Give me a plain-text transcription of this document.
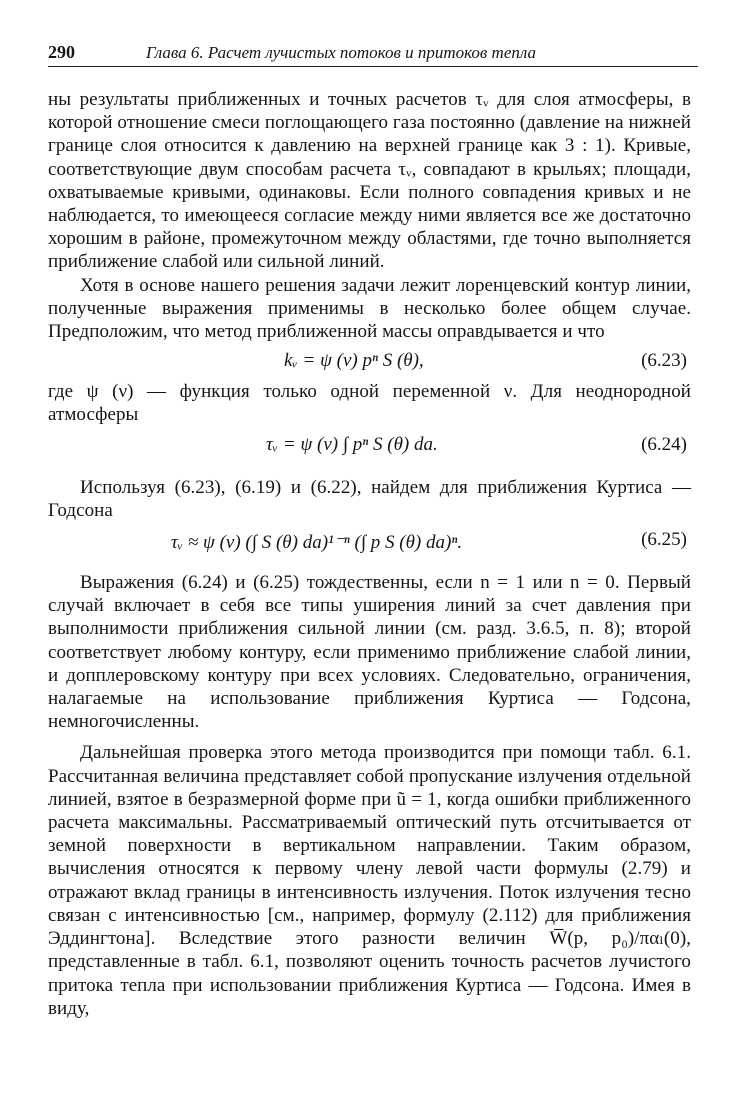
290	Глава 6. Расчет лучистых потоков и притоков тепла

ны результаты приближенных и точных расчетов τᵥ для слоя атмосферы, в которой отношение смеси поглощающего газа постоянно (давление на нижней границе слоя относится к давлению на верхней границе как 3 : 1). Кривые, соответствующие двум способам расчета τᵥ, совпадают в крыльях; площади, охватываемые кривыми, одинаковы. Если полного совпадения кривых и не наблюдается, то имеющееся согласие между ними является все же достаточно хорошим в районе, промежуточном между областями, где точно выполняется приближение слабой или сильной линий.

Хотя в основе нашего решения задачи лежит лоренцевский контур линии, полученные выражения применимы в несколько более общем случае. Предположим, что метод приближенной массы оправдывается и что

kᵥ = ψ (ν) pⁿ S (θ),	(6.23)

где ψ (ν) — функция только одной переменной ν. Для неоднородной атмосферы

τᵥ = ψ (ν) ∫ pⁿ S (θ) da.	(6.24)

Используя (6.23), (6.19) и (6.22), найдем для приближения Куртиса — Годсона

τᵥ ≈ ψ (ν) (∫ S (θ) da)¹⁻ⁿ (∫ p S (θ) da)ⁿ.	(6.25)

Выражения (6.24) и (6.25) тождественны, если n = 1 или n = 0. Первый случай включает в себя все типы уширения линий за счет давления при выполнимости приближения сильной линии (см. разд. 3.6.5, п. 8); второй соответствует любому контуру, если применимо приближение слабой линии, и допплеровскому контуру при всех условиях. Следовательно, ограничения, налагаемые на использование приближения Куртиса — Годсона, немногочисленны.

Дальнейшая проверка этого метода производится при помощи табл. 6.1. Рассчитанная величина представляет собой пропускание излучения отдельной линией, взятое в безразмерной форме при ũ = 1, когда ошибки приближенного расчета максимальны. Рассматриваемый оптический путь отсчитывается от земной поверхности в вертикальном направлении. Таким образом, вычисления относятся к первому члену левой части формулы (2.79) и отражают вклад границы в интенсивность излучения. Поток излучения тесно связан с интенсивностью [см., например, формулу (2.112) для приближения Эддингтона]. Вследствие этого разности величин W̅(p, p₀)/παₗ(0), представленные в табл. 6.1, позволяют оценить точность расчетов лучистого притока тепла при использовании приближения Куртиса — Годсона. Имея в виду,
